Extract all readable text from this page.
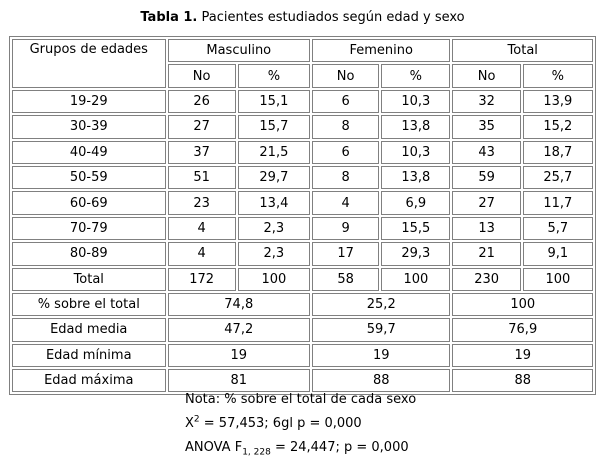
Tabla 1. Pacientes estudiados según edad y sexo
Grupos de edades	Masculino		Femenino		Total	
	No	%	No	%	No	%
19-29	26	15,1	6	10,3	32	13,9
30-39	27	15,7	8	13,8	35	15,2
40-49	37	21,5	6	10,3	43	18,7
50-59	51	29,7	8	13,8	59	25,7
60-69	23	13,4	4	6,9	27	11,7
70-79	4	2,3	9	15,5	13	5,7
80-89	4	2,3	17	29,3	21	9,1
Total	172	100	58	100	230	100
% sobre el total	74,8		25,2		100	
Edad media	47,2		59,7		76,9	
Edad mínima	19		19		19	
Edad máxima	81		88		88	
Nota: % sobre el total de cada sexo
$X^2 = 57,453$; 6gl p = 0,000
ANOVA $F_{1, 228} = 24,447$; p = 0,000
